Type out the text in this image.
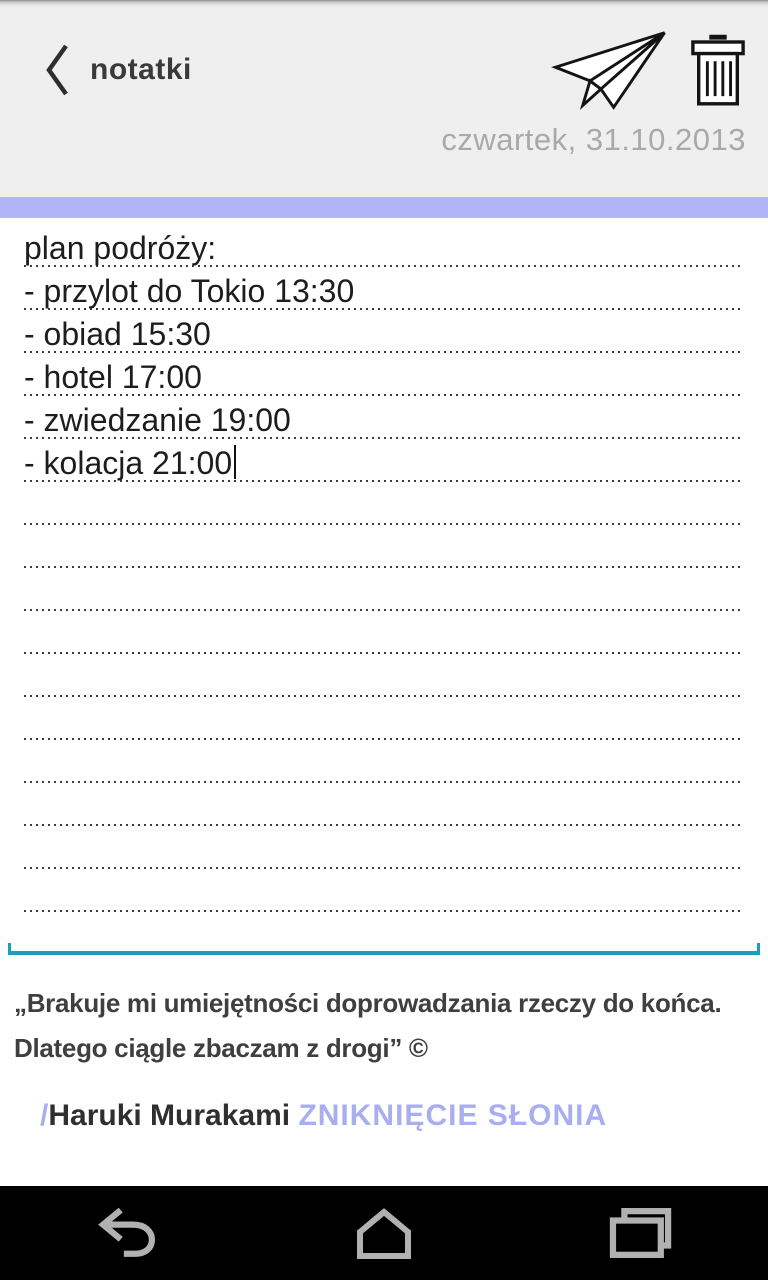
notatki
czwartek, 31.10.2013
plan podróży:
- przylot do Tokio 13:30
- obiad 15:30
- hotel 17:00
- zwiedzanie 19:00
- kolacja 21:00
„Brakuje mi umiejętności doprowadzania rzeczy do końca.
Dlatego ciągle zbaczam z drogi” ©
/Haruki Murakami ZNIKNIĘCIE SŁONIA
